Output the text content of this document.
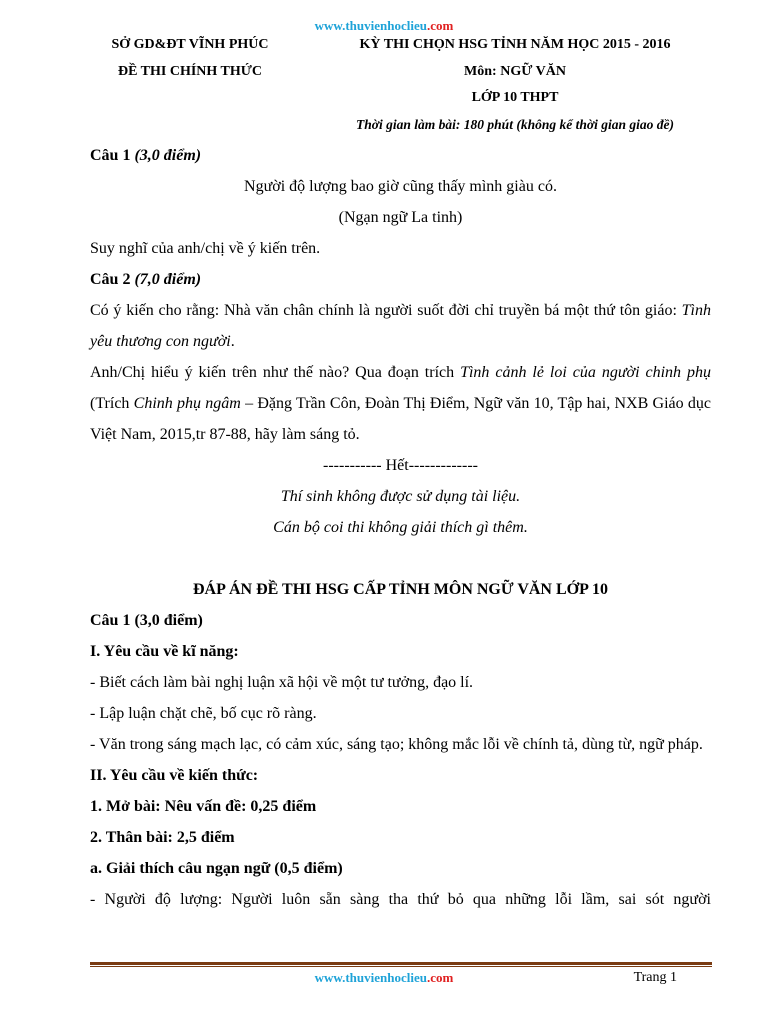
www.thuvienhoclieu.com
SỞ GD&ĐT VĨNH PHÚC
ĐỀ THI CHÍNH THỨC
KỲ THI CHỌN HSG TỈNH NĂM HỌC 2015 - 2016
Môn: NGỮ VĂN
LỚP 10 THPT
Thời gian làm bài: 180 phút (không kể thời gian giao đề)

Câu 1 (3,0 điểm)

Người độ lượng bao giờ cũng thấy mình giàu có.

(Ngạn ngữ La tinh)

Suy nghĩ của anh/chị về ý kiến trên.

Câu 2 (7,0 điểm)

Có ý kiến cho rằng: Nhà văn chân chính là người suốt đời chỉ truyền bá một thứ tôn giáo: Tình yêu thương con người.

Anh/Chị hiểu ý kiến trên như thế nào? Qua đoạn trích Tình cảnh lẻ loi của người chinh phụ (Trích Chinh phụ ngâm – Đặng Trần Côn, Đoàn Thị Điểm, Ngữ văn 10, Tập hai, NXB Giáo dục Việt Nam, 2015,tr 87-88, hãy làm sáng tỏ.

----------- Hết-------------

Thí sinh không được sử dụng tài liệu.

Cán bộ coi thi không giải thích gì thêm.

ĐÁP ÁN ĐỀ THI HSG CẤP TỈNH MÔN NGỮ VĂN LỚP 10

Câu 1 (3,0 điểm)

I. Yêu cầu về kĩ năng:

- Biết cách làm bài nghị luận xã hội về một tư tưởng, đạo lí.

- Lập luận chặt chẽ, bố cục rõ ràng.

- Văn trong sáng mạch lạc, có cảm xúc, sáng tạo; không mắc lỗi về chính tả, dùng từ, ngữ pháp.

II. Yêu cầu về kiến thức:

1. Mở bài: Nêu vấn đề: 0,25 điểm

2. Thân bài: 2,5 điểm

a. Giải thích câu ngạn ngữ (0,5 điểm)

- Người độ lượng: Người luôn sẵn sàng tha thứ bỏ qua những lỗi lầm, sai sót người

www.thuvienhoclieu.com	Trang 1
